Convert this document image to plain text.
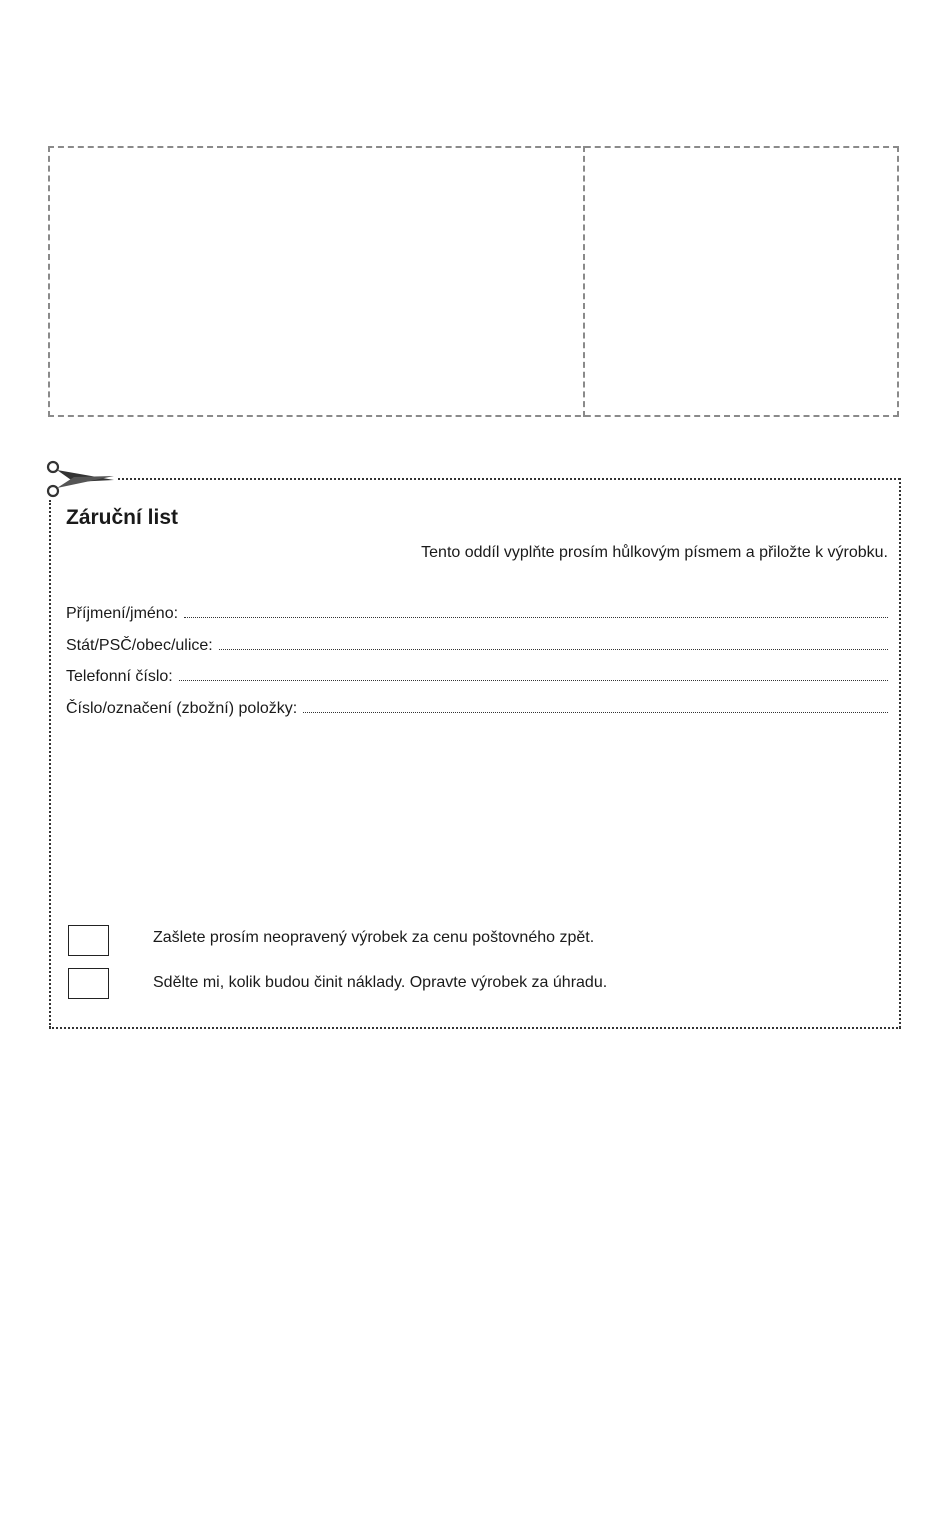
Záruční list
Tento oddíl vyplňte prosím hůlkovým písmem a přiložte k výrobku.
Příjmení/jméno:
Stát/PSČ/obec/ulice:
Telefonní číslo:
Číslo/označení (zbožní) položky:
Zašlete prosím neopravený výrobek za cenu poštovného zpět.
Sdělte mi, kolik budou činit náklady. Opravte výrobek za úhradu.
